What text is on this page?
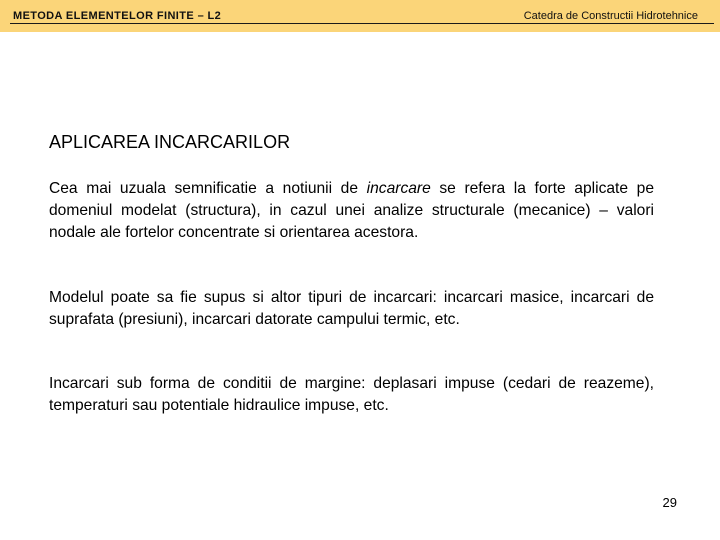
METODA ELEMENTELOR FINITE – L2	Catedra de Constructii Hidrotehnice
APLICAREA INCARCARILOR

Cea mai uzuala semnificatie a notiunii de incarcare se refera la forte aplicate pe domeniul modelat (structura), in cazul unei analize structurale (mecanice) – valori nodale ale fortelor concentrate si orientarea acestora.

Modelul poate sa fie supus si altor tipuri de incarcari: incarcari masice, incarcari de suprafata (presiuni), incarcari datorate campului termic, etc.

Incarcari sub forma de conditii de margine: deplasari impuse (cedari de reazeme), temperaturi sau potentiale hidraulice impuse, etc.

29
